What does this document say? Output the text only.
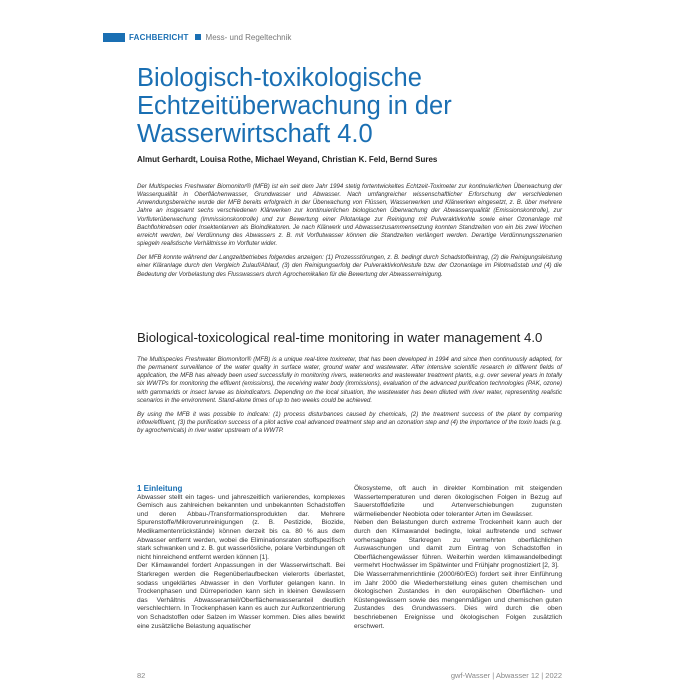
FACHBERICHT Mess- und Regeltechnik
Biologisch-toxikologische Echtzeitüberwachung in der Wasserwirtschaft 4.0

Almut Gerhardt, Louisa Rothe, Michael Weyand, Christian K. Feld, Bernd Sures

Der Multispecies Freshwater Biomonitor® (MFB) ist ein seit dem Jahr 1994 stetig fortentwickeltes Echtzeit-Toximeter zur kontinuierlichen Überwachung der Wasserqualität in Oberflächenwasser, Grundwasser und Abwasser. Nach umfangreicher wissenschaftlicher Erforschung der verschiedenen Anwendungsbereiche wurde der MFB bereits erfolgreich in der Überwachung von Flüssen, Wasserwerken und Klärwerken eingesetzt, z. B. über mehrere Jahre an insgesamt sechs verschiedenen Klärwerken zur kontinuierlichen biologischen Überwachung der Abwasserqualität (Emissionskontrolle), zur Vorfluterüberwachung (Immissionskontrolle) und zur Bewertung einer Pilotanlage zur Reinigung mit Pulveraktivkohle sowie einer Ozonanlage mit Bachflohkrebsen oder Insektenlarven als Bioindikatoren. Je nach Klärwerk und Abwasserzusammensetzung konnten Standzeiten von ein bis zwei Wochen erreicht werden, bei Verdünnung des Abwassers z. B. mit Vorflutwasser können die Standzeiten verlängert werden. Derartige Verdünnungsszenarien spiegeln realistische Verhältnisse im Vorfluter wider.

Der MFB konnte während der Langzeitbetriebes folgendes anzeigen: (1) Prozessstörungen, z. B. bedingt durch Schadstoffeintrag, (2) die Reinigungsleistung einer Kläranlage durch den Vergleich Zulauf/Ablauf, (3) den Reinigungserfolg der Pulveraktivkohlestufe bzw. der Ozonanlage im Pilotmaßstab und (4) die Bedeutung der Vorbelastung des Flusswassers durch Agrochemikalien für die Bewertung der Abwasserreinigung.

Biological-toxicological real-time monitoring in water management 4.0

The Multispecies Freshwater Biomonitor® (MFB) is a unique real-time toximeter, that has been developed in 1994 and since then continuously adapted, for the permanent surveillance of the water quality in surface water, ground water and wastewater. After intensive scientific research in different fields of application, the MFB has already been used successfully in monitoring rivers, waterworks and wastewater treatment plants, e.g. over several years in totally six WWTPs for monitoring the effluent (emissions), the receiving water body (immissions), evaluation of the advanced purification technologies (PAK, ozone) with gammarids or insect larvae as bioindicators. Depending on the local situation, the wastewater has been diluted with river water, representing realistic scenarios in the environment. Stand-alone times of up to two weeks could be achieved.

By using the MFB it was possible to indicate: (1) process disturbances caused by chemicals, (2) the treatment success of the plant by comparing inflow/effluent, (3) the purification success of a pilot active coal advanced treatment step and an ozonation step and (4) the importance of the toxin loads (e.g. by agrochemicals) in river water upstream of a WWTP.

1 Einleitung

Abwasser stellt ein tages- und jahreszeitlich variierendes, komplexes Gemisch aus zahlreichen bekannten und unbekannten Schadstoffen und deren Abbau-/Transformationsprodukten dar. Mehrere Spurenstoffe/Mikroverunreinigungen (z. B. Pestizide, Biozide, Medikamentenrückstände) können derzeit bis ca. 80 % aus dem Abwasser entfernt werden, wobei die Eliminationsraten stoffspezifisch stark schwanken und z. B. gut wasserlösliche, polare Verbindungen oft nicht hinreichend entfernt werden können [1].

Der Klimawandel fordert Anpassungen in der Wasserwirtschaft. Bei Starkregen werden die Regenüberlaufbecken vielerorts überlastet, sodass ungeklärtes Abwasser in den Vorfluter gelangen kann. In Trockenphasen und Dürreperioden kann sich in kleinen Gewässern das Verhältnis Abwasseranteil/Oberflächenwasseranteil deutlich verschlechtern. In Trockenphasen kann es auch zur Aufkonzentrierung von Schadstoffen oder Salzen im Wasser kommen. Dies alles bewirkt eine zusätzliche Belastung aquatischer

Ökosysteme, oft auch in direkter Kombination mit steigenden Wassertemperaturen und deren ökologischen Folgen in Bezug auf Sauerstoffdefizite und Artenverschiebungen zugunsten wärmeliebender Neobiota oder toleranter Arten im Gewässer.

Neben den Belastungen durch extreme Trockenheit kann auch der durch den Klimawandel bedingte, lokal auftretende und schwer vorhersagbare Starkregen zu vermehrten oberflächlichen Auswaschungen und damit zum Eintrag von Schadstoffen in Oberflächengewässer führen. Weiterhin werden klimawandelbedingt vermehrt Hochwässer im Spätwinter und Frühjahr prognostiziert [2, 3].

Die Wasserrahmenrichtlinie (2000/60/EG) fordert seit ihrer Einführung im Jahr 2000 die Wiederherstellung eines guten chemischen und ökologischen Zustandes in den europäischen Oberflächen- und Küstengewässern sowie des mengenmäßigen und chemischen guten Zustandes des Grundwassers. Dies wird durch die oben beschriebenen Ereignisse und ökologischen Folgen zusätzlich erschwert.

82	gwf-Wasser | Abwasser 12 | 2022
